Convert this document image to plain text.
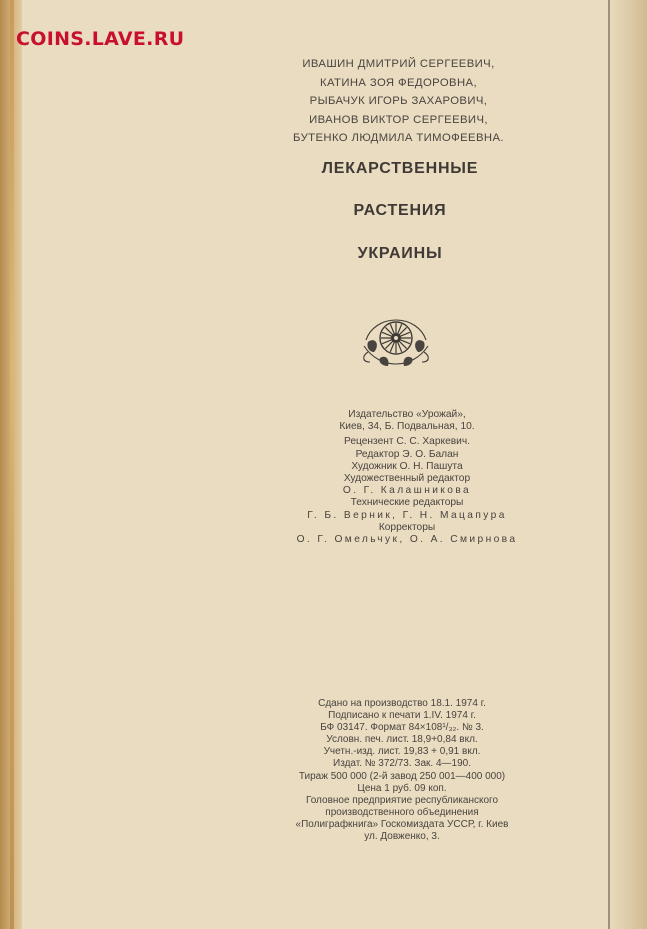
COINS.LAVE.RU
ИВАШИН ДМИТРИЙ СЕРГЕЕВИЧ,
КАТИНА ЗОЯ ФЕДОРОВНА,
РЫБАЧУК ИГОРЬ ЗАХАРОВИЧ,
ИВАНОВ ВИКТОР СЕРГЕЕВИЧ,
БУТЕНКО ЛЮДМИЛА ТИМОФЕЕВНА.
ЛЕКАРСТВЕННЫЕ
РАСТЕНИЯ
УКРАИНЫ
Издательство «Урожай»,
Киев, 34, Б. Подвальная, 10.
Рецензент С. С. Харкевич.
Редактор Э. О. Балан
Художник О. Н. Пашута
Художественный редактор
О. Г. Калашникова
Технические редакторы
Г. Б. Верник, Г. Н. Мацапура
Корректоры
О. Г. Омельчук, О. А. Смирнова
Сдано на производство 18.1. 1974 г.
Подписано к печати 1.IV. 1974 г.
БФ 03147. Формат 84×108¹/₃₂. № 3.
Условн. печ. лист. 18,9+0,84 вкл.
Учетн.-изд. лист. 19,83 + 0,91 вкл.
Издат. № 372/73. Зак. 4—190.
Тираж 500 000 (2-й завод 250 001—400 000)
Цена 1 руб. 09 коп.
Головное предприятие республиканского
производственного объединения
«Полиграфкнига» Госкомиздата УССР, г. Киев
ул. Довженко, 3.
